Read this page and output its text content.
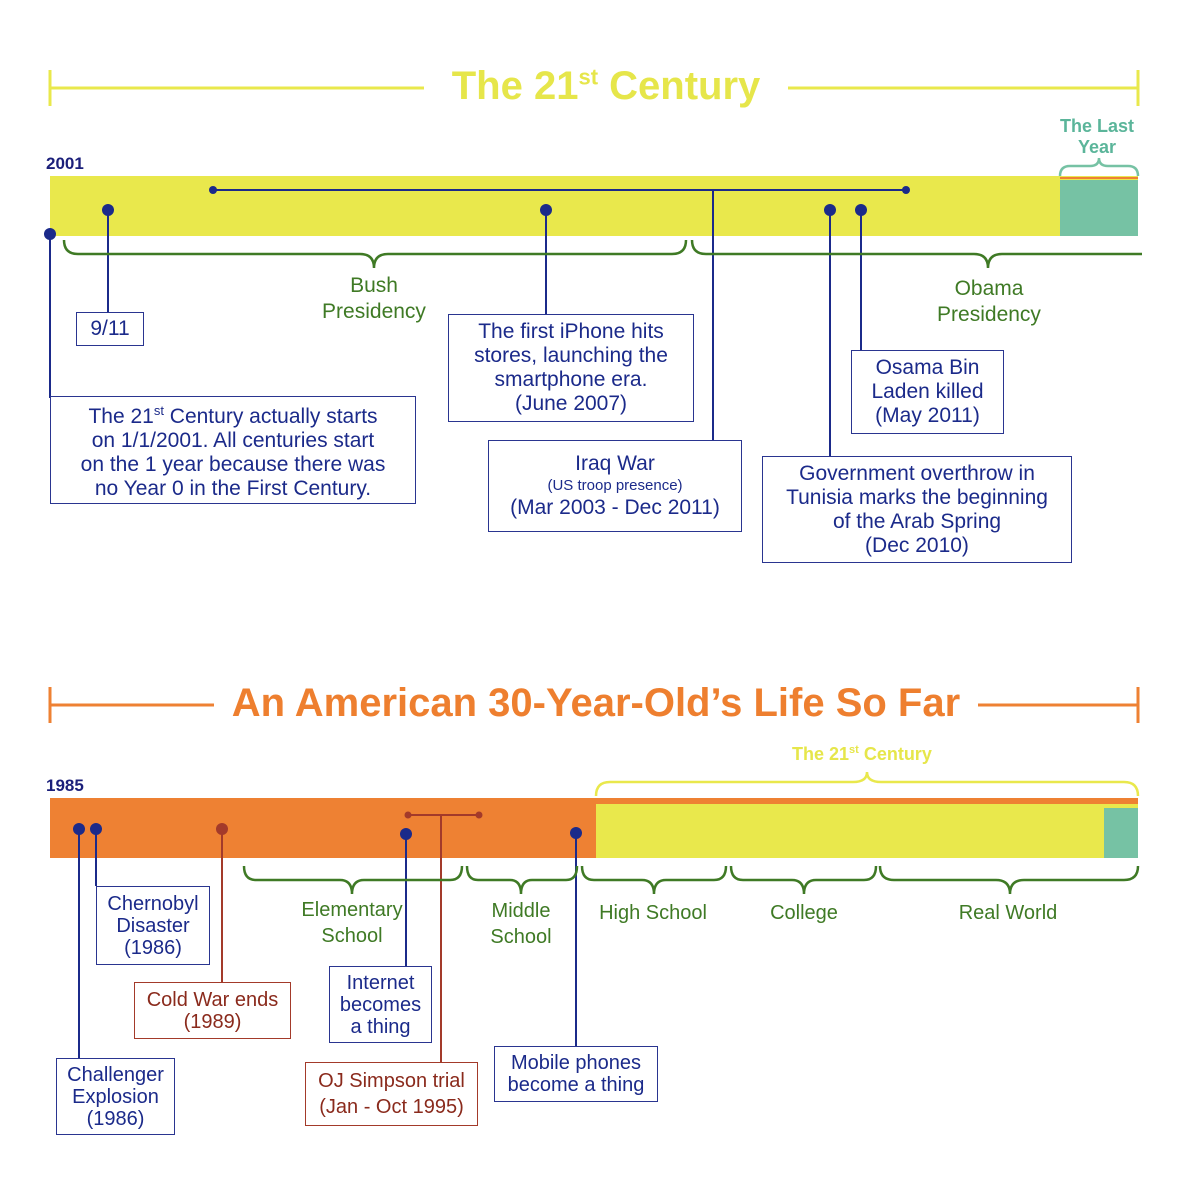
The 21st Century
2001
The Last Year
Bush Presidency
Obama Presidency
9/11
The 21st Century actually starts
on 1/1/2001. All centuries start
on the 1 year because there was
no Year 0 in the First Century.
The first iPhone hits
stores, launching the
smartphone era.
(June 2007)
Iraq War
(US troop presence)
(Mar 2003 - Dec 2011)
Osama Bin
Laden killed
(May 2011)
Government overthrow in
Tunisia marks the beginning
of the Arab Spring
(Dec 2010)
An American 30-Year-Old’s Life So Far
1985
The 21st Century
Elementary School
Middle School
High School	College	Real World
Chernobyl
Disaster
(1986)
Cold War ends
(1989)
Challenger
Explosion
(1986)
Internet
becomes
a thing
OJ Simpson trial
(Jan - Oct 1995)
Mobile phones
become a thing
